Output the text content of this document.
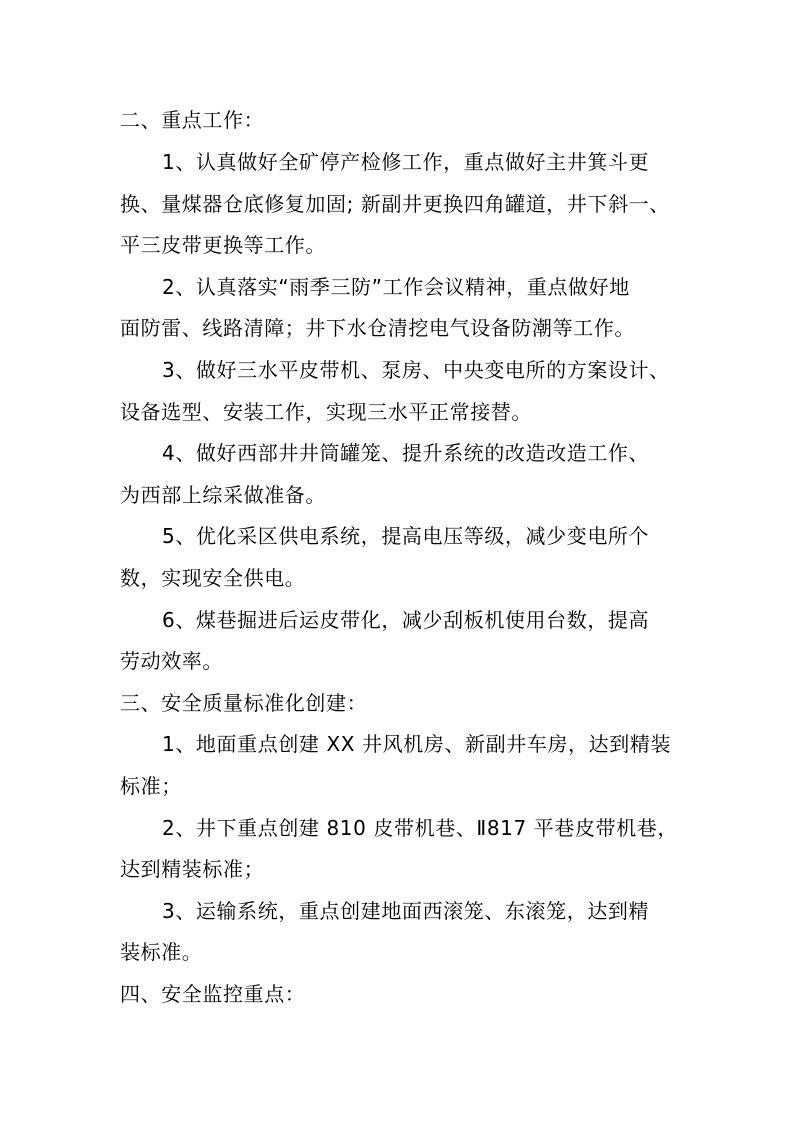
二、重点工作：
1、认真做好全矿停产检修工作，重点做好主井箕斗更
换、量煤器仓底修复加固; 新副井更换四角罐道，井下斜一、
平三皮带更换等工作。
2、认真落实“雨季三防”工作会议精神，重点做好地
面防雷、线路清障；井下水仓清挖电气设备防潮等工作。
3、做好三水平皮带机、泵房、中央变电所的方案设计、
设备选型、安装工作，实现三水平正常接替。
4、做好西部井井筒罐笼、提升系统的改造改造工作、
为西部上综采做准备。
5、优化采区供电系统，提高电压等级，减少变电所个
数，实现安全供电。
6、煤巷掘进后运皮带化，减少刮板机使用台数，提高
劳动效率。
三、安全质量标准化创建：
1、地面重点创建 XX 井风机房、新副井车房，达到精装
标准；
2、井下重点创建 810 皮带机巷、Ⅱ817 平巷皮带机巷，
达到精装标准；
3、运输系统，重点创建地面西滚笼、东滚笼，达到精
装标准。
四、安全监控重点：
